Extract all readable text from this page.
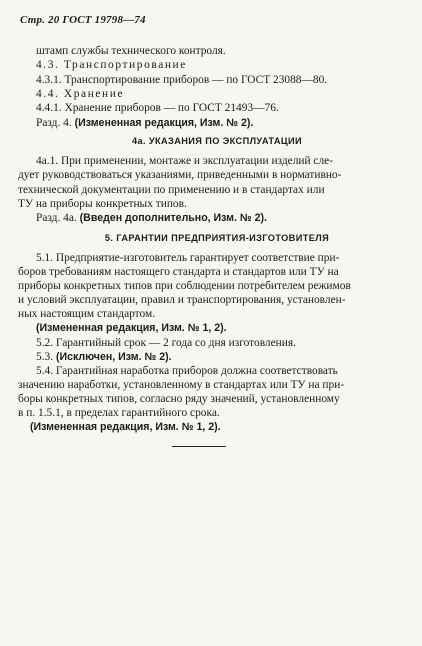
Стр. 20 ГОСТ 19798—74
штамп службы технического контроля.
4.3. Транспортирование
4.3.1. Транспортирование приборов — по ГОСТ 23088—80.
4.4. Хранение
4.4.1. Хранение приборов — по ГОСТ 21493—76.
Разд. 4. (Измененная редакция, Изм. № 2).
4а. УКАЗАНИЯ ПО ЭКСПЛУАТАЦИИ
4а.1. При применении, монтаже и эксплуатации изделий сле-
дует руководствоваться указаниями, приведенными в нормативно-
технической документации по применению и в стандартах или
ТУ на приборы конкретных типов.
Разд. 4а. (Введен дополнительно, Изм. № 2).
5. ГАРАНТИИ ПРЕДПРИЯТИЯ-ИЗГОТОВИТЕЛЯ
5.1. Предприятие-изготовитель гарантирует соответствие при-
боров требованиям настоящего стандарта и стандартов или ТУ на
приборы конкретных типов при соблюдении потребителем режимов
и условий эксплуатации, правил и транспортирования, установлен-
ных настоящим стандартом.
(Измененная редакция, Изм. № 1, 2).
5.2. Гарантийный срок — 2 года со дня изготовления.
5.3. (Исключен, Изм. № 2).
5.4. Гарантийная наработка приборов должна соответствовать
значению наработки, установленному в стандартах или ТУ на при-
боры конкретных типов, согласно ряду значений, установленному
в п. 1.5.1, в пределах гарантийного срока.
(Измененная редакция, Изм. № 1, 2).
